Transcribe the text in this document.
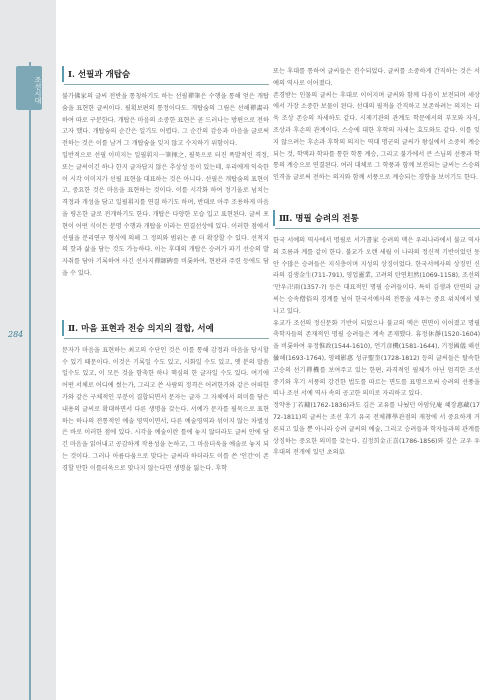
조선시대
284
Ⅰ. 선필과 개탑숨

불가佛家의 글씨 전반을 통칭하기도 하는 선필禪筆은 수행을 통해 얻은 개탑숨을 표현한 글씨이다. 필획보편의 통정이다도. 개탑숨의 그림은 선해禪畵라 하여 따로 구분한다. 개탑은 마음의 소중한 표현은 곧 드러나는 방편으로 전하고자 했다. 개탑숨의 순간은 일기도 어렵다. 그 순간의 감응과 마음을 글로써 전하는 것은 이를 남겨 그 개탑숨을 잊지 않고 수지하기 위함이다.

일반적으로 선필 이미지는 일필휘지一筆揮之, 필묵으로 터진 폭발적인 격정, 또는 글씨이긴 하나 한지 글자답지 않은 추상성 등이 있는데, 우리에게 익숙한 이 시각 이미지가 선필 표현을 대표하는 것은 아니다. 선필은 개탑숨의 표현이고, 중요한 것은 마음을 표현하는 것이다. 이를 시각화 하여 정기울로 넘치는 격정과 개성을 담고 일필휘지를 연결 하기도 하며, 반대로 아주 조용하게 마음을 평온한 글로 전개하기도 한다. 개탑은 다양한 모습 입고 표현된다. 글씨 포현이 어떤 식이든 분명 수행과 개탑을 이라는 연결선상에 있다. 이러한 점에서 선필을 분리연구 형식에 의해 그 정의와 범위는 좀 더 확장할 수 있다. 선적지의 핫과 삶을 담는 것도 가능하다. 이는 후대의 개탑은 승려가 파기 선승의 발자취를 담아 기록하여 사긴 선사지禪師碑를 비롯하여, 현판과 주련 등에도 담을 수 있다.

Ⅱ. 마음 표현과 전승 의지의 결합, 서예

문자가 마음을 표현하는 최고의 수단인 것은 이를 통해 감정과 마음을 당시할 수 있기 때문이다. 이것은 기록일 수도 있고, 시화일 수도 있고, 옛 분의 말씀일수도 있고, 이 모든 것을 함축한 하나 핵심의 한 글자일 수도 있다. 여기에 어떤 서체로 어디에 썼는가, 그리고 쓴 사람의 정격은 어려한가와 같은 어떠한가와 같은 구체적인 부분이 결합되면서 문자는 글자 그 자체에서 의미를 담은 내용의 글씨로 확대하면서 다른 생명을 갖는다. 서예가 문자를 필묵으로 표현하는 하나의 전통적인 예술 영역이면서, 다른 예술영역과 섞이지 않는 차별성은 바로 이러한 점에 있다. 시각을 예술이란 틀에 놓지 않더라도 글씨 안에 담긴 마음을 읽어내고 공감하게 작용성을 논하고, 그 마음더욱을 예술로 놓지 되는 것이다. 그러나 아름다움으로 맞다는 글씨라 하더라도 이를 쓴 '인간'이 존경할 만한 이를더욱으로 맞나지 않는다면 생명을 잃는다. 후학

또는 후대를 통하여 글씨들은 전수되었다. 글씨를 소중하게 간직하는 것은 서예의 역사로 이어졌다.

존경받는 인물의 글씨는 후대로 이어지며 글씨와 함께 다음이 보전되며 세상에서 가장 소중한 보물이 된다. 선대의 필적을 간직하고 보존하려는 의지는 더욱 조상 존승의 차세하도 같다. 시제기관의 관계도 학문에서의 부모와 자식, 조상과 후손의 관계이다. 스승에 대한 후학의 자세는 효도와도 같다. 이를 잊지 않으려는 후손과 후학의 의지는 역대 명군의 글씨가 왕실에서 소중히 계승되는 것, 학맥과 학파를 통한 학통 계승, 그리고 불가에서 큰 스님의 선풍과 학통의 계승으로 연결된다. 여러 대체로 그 학풍과 함께 보전되는 글씨는 스승의 인격을 글로써 전하는 의지와 함께 서풍으로 계승되는 경향을 보이기도 한다.

Ⅲ. 명필 승려의 전통

한국 서예의 역사에서 명필로 서가書家 승려의 맥은 우리나라에서 불교 역사의 흐름과 계를 같이 한다. 불교가 오랜 세월 이 나라의 정신적 기반이었던 동안 수많은 승려들은 지식층이며 지성의 상징이었다. 한국서예사의 상징인 신라의 김생金生(711-791), 영업靈業, 고려의 탄연坦然(1069-1158), 조선의 '만우卍雨(1357-?) 등은 대표적인 명필 승려들이다. 특히 김생과 탄연의 글씨는 승속僧俗의 경계를 넘어 한국서예사의 전통을 세우는 중요 위치에서 빛나고 있다.

유교가 조선의 정신문화 기반이 되었으나 불교의 맥은 면면이 이어졌고 명필 축학자들의 존재적인 명필 승려들은 계속 존재했다. 휴정休靜(1520-1604)을 비롯하여 유정惟政(1544-1610), 언기彦機(1581-1644), 기정國儀 해선曇해(1693-1764), 영혜影惠 성규聖奎(1728-1812) 등의 글씨들은 탈속한 고승의 선기禪機를 보여주고 있는 한편, 과격적인 필체가 아닌 엄격한 조선 중기와 후기 서풍의 강건한 법도를 따르는 면도를 표명으로써 승려의 선풍을 띠나 조선 서예 역사 속의 공고한 의미로 자리하고 있다.

정약용丁若鏞(1762-1836)과도 깊은 교유를 나눴던 아암兒庵 혜장惠藏(1772-1811)의 글씨는 조선 후기 유국 전체禪學관점의 재창에 서 중요하게 거론되고 있을 뿐 아니라 승려 글씨의 예술, 그리고 승려들과 학자들과의 관계를 상징하는 중요한 의미를 갖는다. 김정희金正喜(1786-1856)와 깊은 교우 우 후대의 전개에 있던 초의草
